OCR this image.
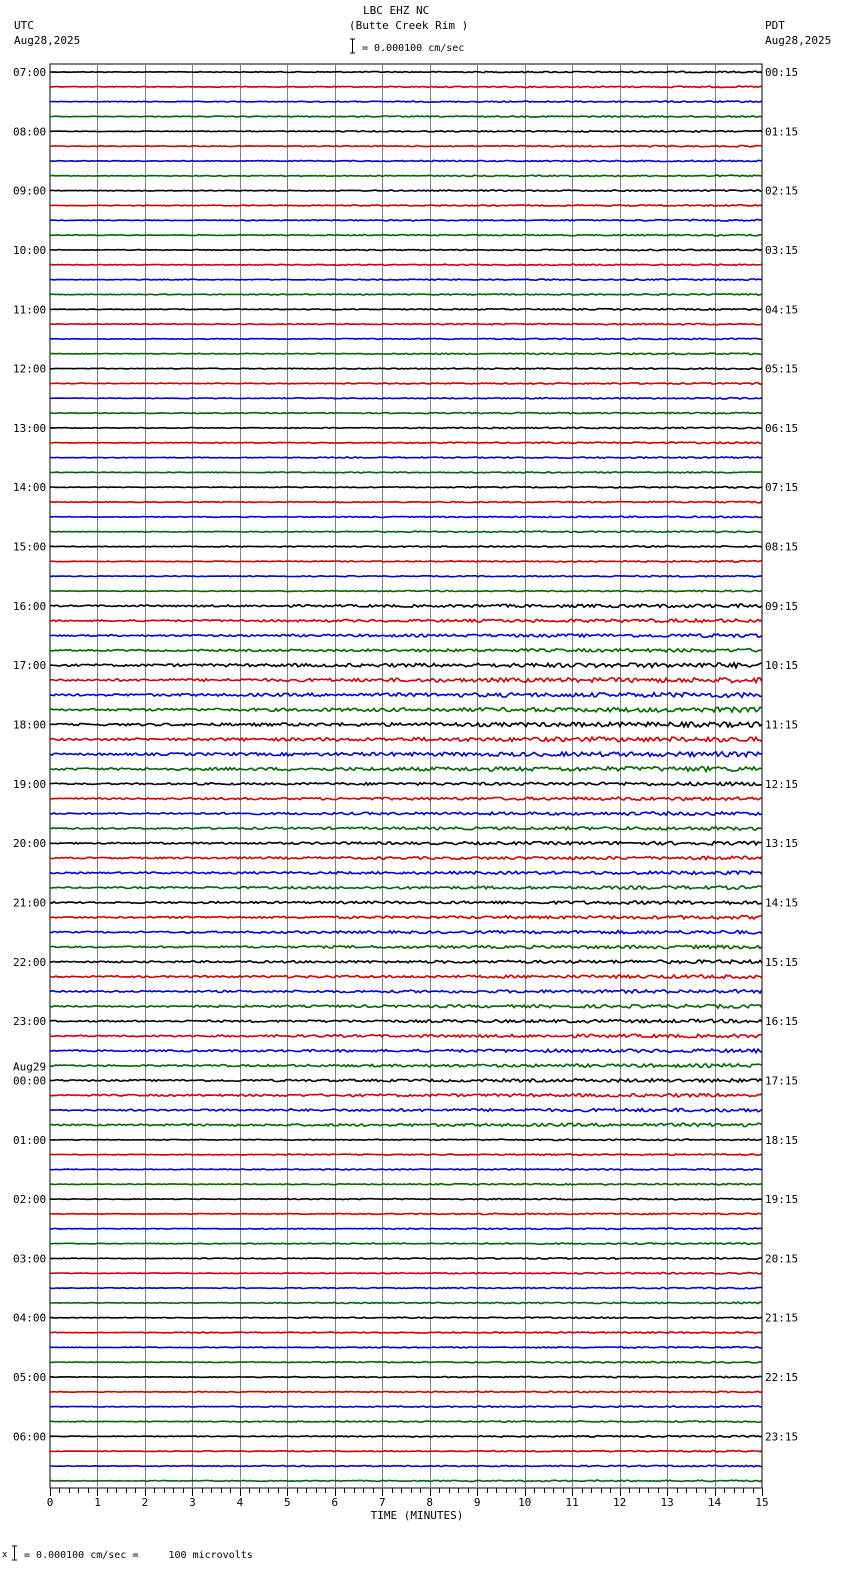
LBC EHZ NC
(Butte Creek Rim )
= 0.000100 cm/sec
UTC
Aug28,2025
PDT
Aug28,2025
07:00	00:15
08:00	01:15
09:00	02:15
10:00	03:15
11:00	04:15
12:00	05:15
13:00	06:15
14:00	07:15
15:00	08:15
16:00	09:15
17:00	10:15
18:00	11:15
19:00	12:15
20:00	13:15
21:00	14:15
22:00	15:15
23:00	16:15
00:00	17:15
Aug29
01:00	18:15
02:00	19:15
03:00	20:15
04:00	21:15
05:00	22:15
06:00	23:15
0	1	2	3	4	5	6	7	8	9	10	11	12	13	14	15
TIME (MINUTES)
x = 0.000100 cm/sec =     100 microvolts
